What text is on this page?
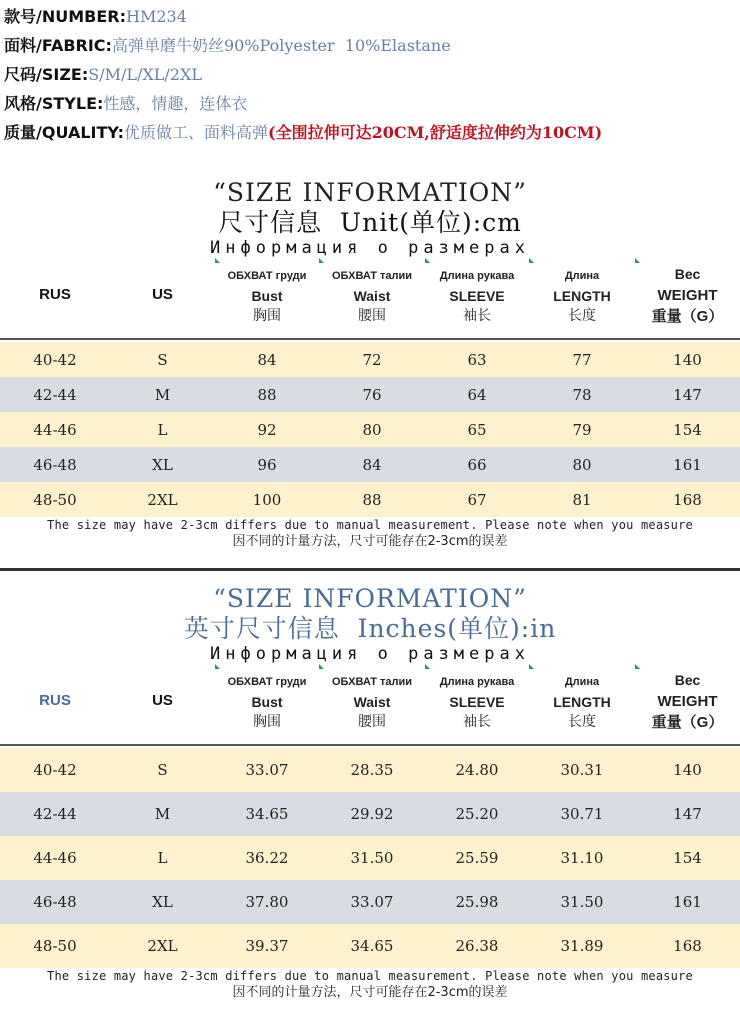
款号/NUMBER:HM234
面料/FABRIC:高弹单磨牛奶丝90%Polyester  10%Elastane
尺码/SIZE:S/M/L/XL/2XL
风格/STYLE:性感，情趣，连体衣
质量/QUALITY:优质做工、面料高弹(全围拉伸可达20CM,舒适度拉伸约为10CM)
“SIZE INFORMATION”
尺寸信息  Unit(单位):cm
Информация о размерах
RUS	US
ОБХВАТ груди
Bust
胸围
ОБХВАТ талии
Waist
腰围
Длина рукава
SLEEVE
袖长
Длина
LENGTH
长度
Вес
WEIGHT
重量（G）
40-42	S	84	72	63	77	140
42-44	M	88	76	64	78	147
44-46	L	92	80	65	79	154
46-48	XL	96	84	66	80	161
48-50	2XL	100	88	67	81	168
The size may have 2-3cm differs due to manual measurement. Please note when you measure
因不同的计量方法，尺寸可能存在2-3cm的误差
“SIZE INFORMATION”
英寸尺寸信息  Inches(单位):in
Информация о размерах
RUS	US
ОБХВАТ груди
Bust
胸围
ОБХВАТ талии
Waist
腰围
Длина рукава
SLEEVE
袖长
Длина
LENGTH
长度
Вес
WEIGHT
重量（G）
40-42	S	33.07	28.35	24.80	30.31	140
42-44	M	34.65	29.92	25.20	30.71	147
44-46	L	36.22	31.50	25.59	31.10	154
46-48	XL	37.80	33.07	25.98	31.50	161
48-50	2XL	39.37	34.65	26.38	31.89	168
The size may have 2-3cm differs due to manual measurement. Please note when you measure
因不同的计量方法，尺寸可能存在2-3cm的误差
